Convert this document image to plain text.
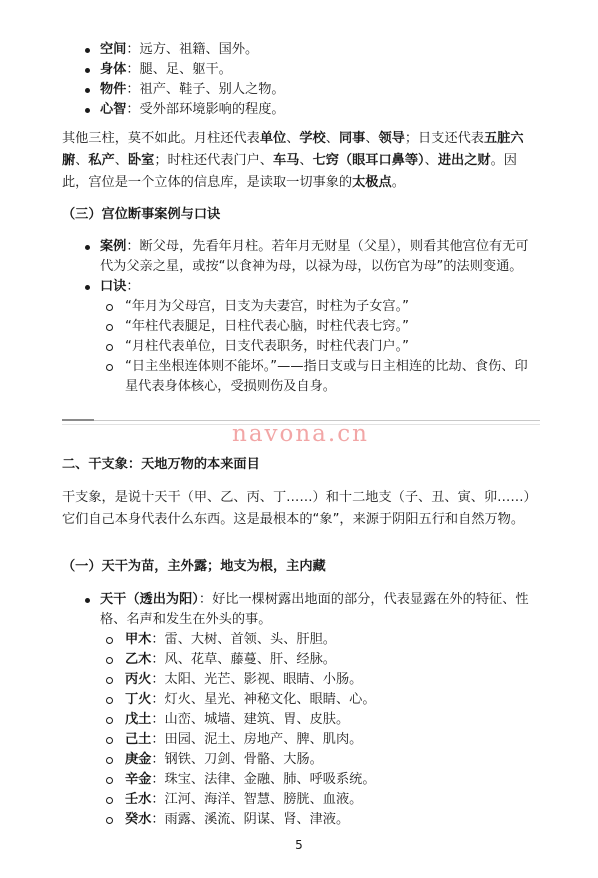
空间：远方、祖籍、国外。
身体：腿、足、躯干。
物件：祖产、鞋子、别人之物。
心智：受外部环境影响的程度。

其他三柱，莫不如此。月柱还代表单位、学校、同事、领导；日支还代表五脏六腑、私产、卧室；时柱还代表门户、车马、七窍（眼耳口鼻等）、进出之财。因此，宫位是一个立体的信息库，是读取一切事象的太极点。

（三）宫位断事案例与口诀

案例：断父母，先看年月柱。若年月无财星（父星），则看其他宫位有无可代为父亲之星，或按“以食神为母，以禄为母，以伤官为母”的法则变通。
口诀：
“年月为父母宫，日支为夫妻宫，时柱为子女宫。”
“年柱代表腿足，日柱代表心脑，时柱代表七窍。”
“月柱代表单位，日支代表职务，时柱代表门户。”
“日主坐根连体则不能坏。”——指日支或与日主相连的比劫、食伤、印星代表身体核心，受损则伤及自身。
navona.cn

二、干支象：天地万物的本来面目

干支象，是说十天干（甲、乙、丙、丁……）和十二地支（子、丑、寅、卯……）它们自己本身代表什么东西。这是最根本的“象”，来源于阴阳五行和自然万物。

（一）天干为苗，主外露；地支为根，主内藏

天干（透出为阳）：好比一棵树露出地面的部分，代表显露在外的特征、性格、名声和发生在外头的事。
甲木：雷、大树、首领、头、肝胆。
乙木：风、花草、藤蔓、肝、经脉。
丙火：太阳、光芒、影视、眼睛、小肠。
丁火：灯火、星光、神秘文化、眼睛、心。
戊土：山峦、城墙、建筑、胃、皮肤。
己土：田园、泥土、房地产、脾、肌肉。
庚金：钢铁、刀剑、骨骼、大肠。
辛金：珠宝、法律、金融、肺、呼吸系统。
壬水：江河、海洋、智慧、膀胱、血液。
癸水：雨露、溪流、阴谋、肾、津液。
5
